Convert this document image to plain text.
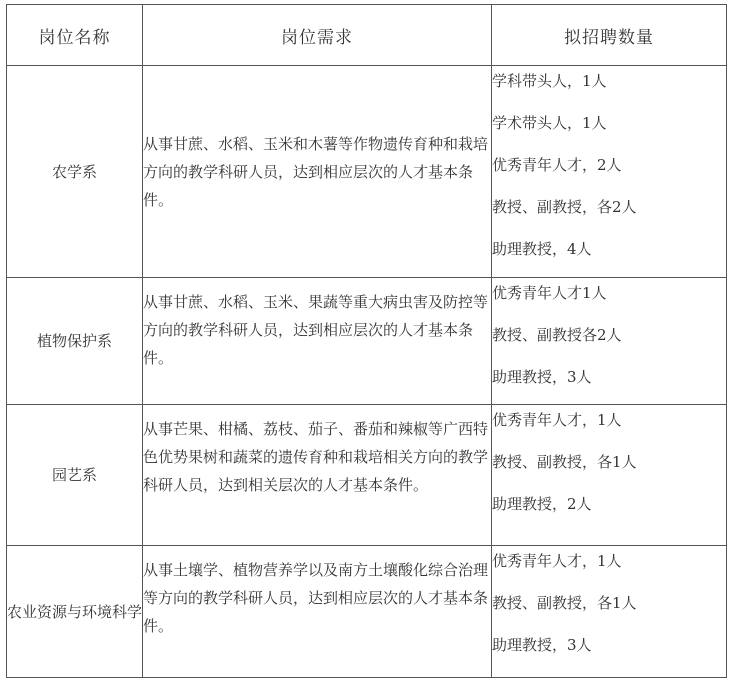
岗位名称	岗位需求	拟招聘数量
农学系	从事甘蔗、水稻、玉米和木薯等作物遗传育种和栽培方向的教学科研人员，达到相应层次的人才基本条件。	学科带头人，1人
学术带头人，1人
优秀青年人才，2人
教授、副教授，各2人
助理教授，4人

植物保护系	从事甘蔗、水稻、玉米、果蔬等重大病虫害及防控等方向的教学科研人员，达到相应层次的人才基本条件。	优秀青年人才1人
教授、副教授各2人
助理教授，3人

园艺系	从事芒果、柑橘、荔枝、茄子、番茄和辣椒等广西特色优势果树和蔬菜的遗传育种和栽培相关方向的教学科研人员，达到相关层次的人才基本条件。	优秀青年人才，1人
教授、副教授，各1人
助理教授，2人

农业资源与环境科学	从事土壤学、植物营养学以及南方土壤酸化综合治理等方向的教学科研人员，达到相应层次的人才基本条件。	优秀青年人才，1人
教授、副教授，各1人
助理教授，3人
